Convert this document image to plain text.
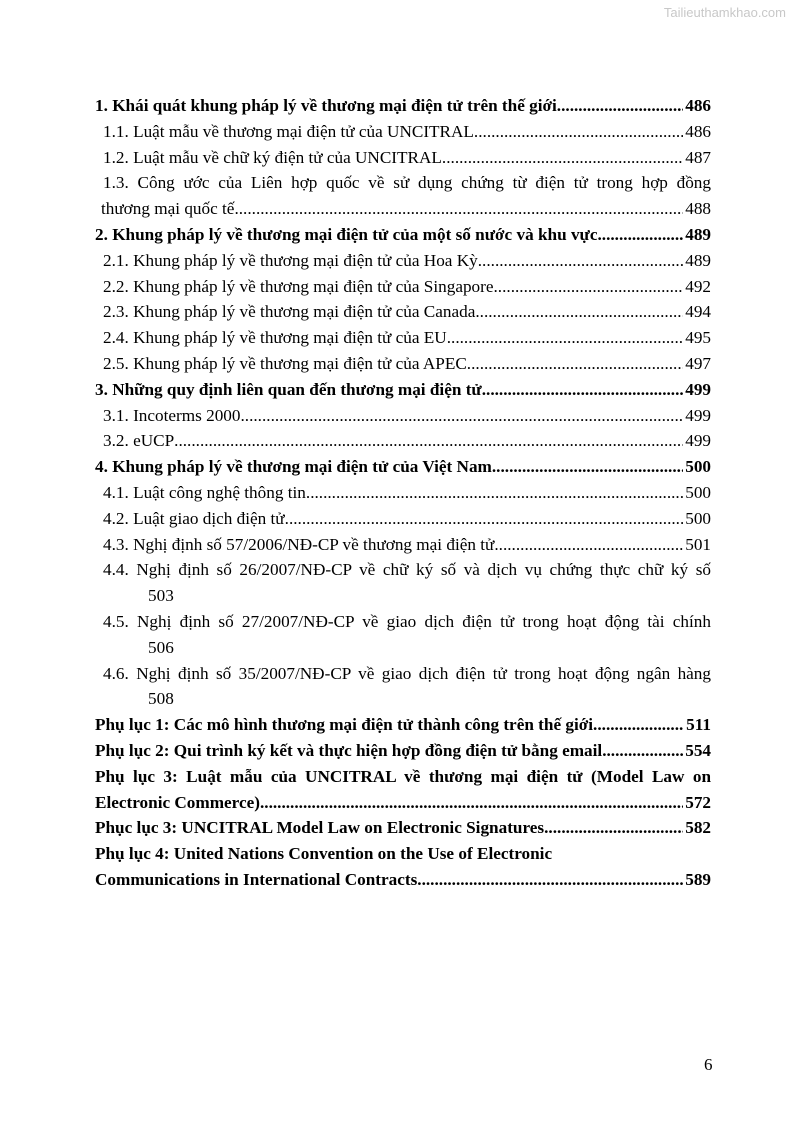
Tailieuthamkhao.com
1. Khái quát khung pháp lý về thương mại điện tử trên thế giới .....	486
1.1. Luật mẫu về thương mại điện tử của UNCITRAL .....	486
1.2. Luật mẫu về chữ ký điện tử của UNCITRAL .....	487
1.3. Công ước của Liên hợp quốc về sử dụng chứng từ điện tử trong hợp đồng
thương mại quốc tế .....	488
2. Khung pháp lý về thương mại điện tử của một số nước và khu vực .....	489
2.1. Khung pháp lý về thương mại điện tử của Hoa Kỳ .....	489
2.2. Khung pháp lý về thương mại điện tử của Singapore .....	492
2.3. Khung pháp lý về thương mại điện tử của Canada .....	494
2.4. Khung pháp lý về thương mại điện tử của EU .....	495
2.5. Khung pháp lý về thương mại điện tử của APEC .....	497
3. Những quy định liên quan đến thương mại điện tử .....	499
3.1. Incoterms 2000 .....	499
3.2. eUCP .....	499
4. Khung pháp lý về thương mại điện tử của Việt Nam .....	500
4.1. Luật công nghệ thông tin .....	500
4.2. Luật giao dịch điện tử .....	500
4.3. Nghị định số 57/2006/NĐ-CP về thương mại điện tử .....	501
4.4. Nghị định số 26/2007/NĐ-CP về chữ ký số và dịch vụ chứng thực chữ ký số
503
4.5. Nghị định số 27/2007/NĐ-CP về giao dịch điện tử trong hoạt động tài chính
506
4.6. Nghị định số 35/2007/NĐ-CP về giao dịch điện tử trong hoạt động ngân hàng
508
Phụ lục 1: Các mô hình thương mại điện tử thành công trên thế giới .....	511
Phụ lục 2: Qui trình ký kết và thực hiện hợp đồng điện tử bằng email .....	554
Phụ lục 3: Luật mẫu của UNCITRAL về thương mại điện tử (Model Law on
Electronic Commerce) .....	572
Phục lục 3: UNCITRAL Model Law on Electronic Signatures .....	582
Phụ lục 4: United Nations Convention on the Use of Electronic
Communications in International Contracts .....	589
6
